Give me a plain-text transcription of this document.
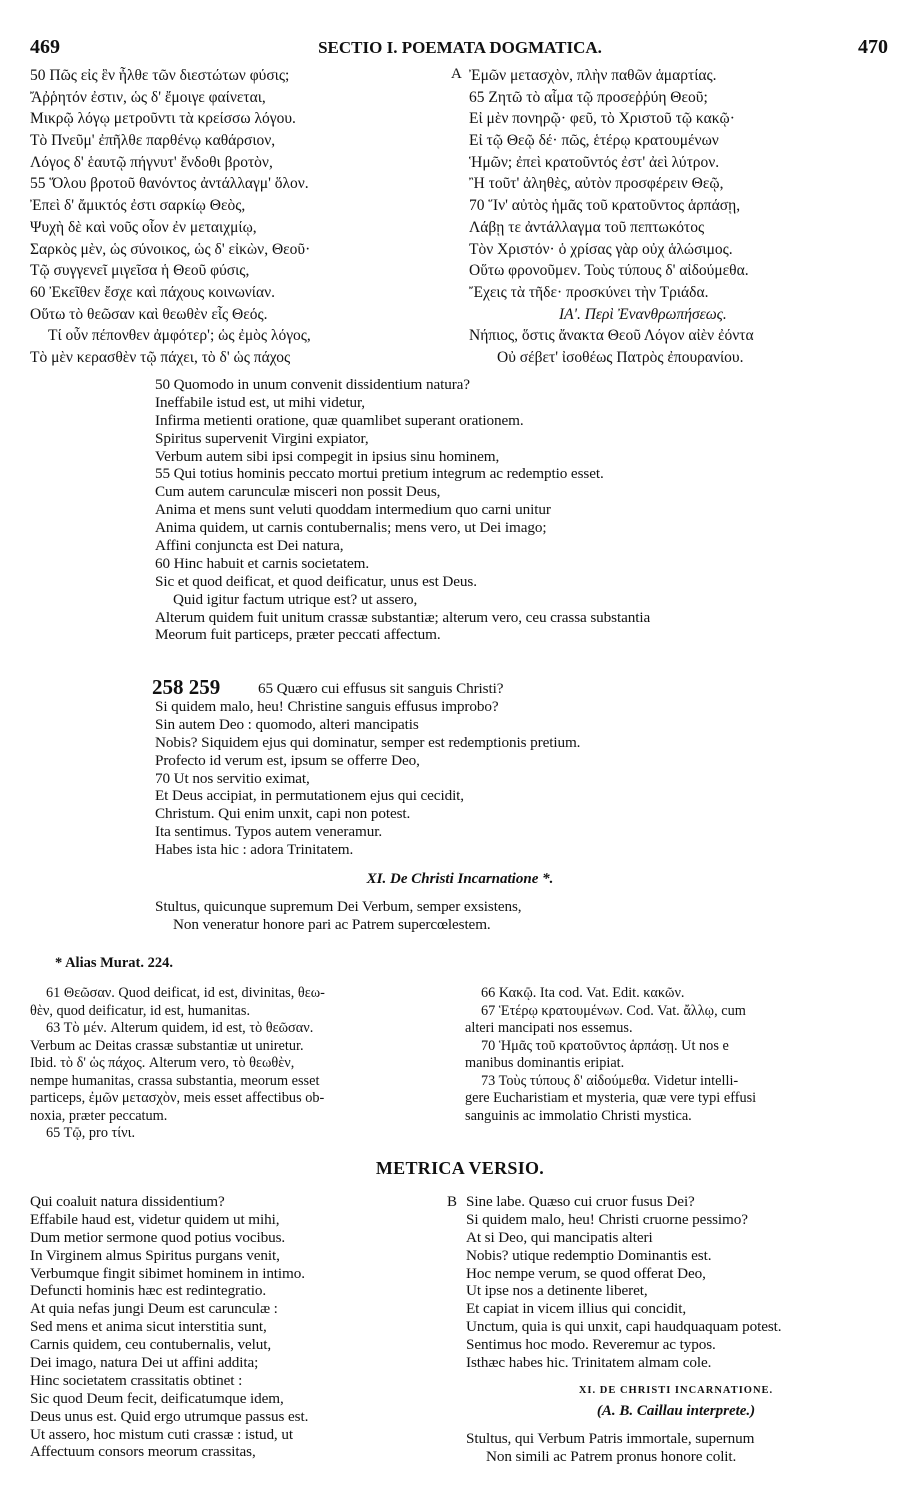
469	SECTIO I. POEMATA DOGMATICA.	470
50 Πῶς εἰς ἓν ἦλθε τῶν διεστώτων φύσις;
Ἄῤῥητόν ἐστιν, ὡς δ' ἔμοιγε φαίνεται,
Μικρῷ λόγῳ μετροῦντι τὰ κρείσσω λόγου.
Τὸ Πνεῦμ' ἐπῆλθε παρθένῳ καθάρσιον,
Λόγος δ' ἑαυτῷ πήγνυτ' ἔνδοθι βροτὸν,
55 Ὅλου βροτοῦ θανόντος ἀντάλλαγμ' ὅλον.
Ἐπεὶ δ' ἄμικτός ἐστι σαρκίῳ Θεὸς,
Ψυχὴ δὲ καὶ νοῦς οἷον ἐν μεταιχμίῳ,
Σαρκὸς μὲν, ὡς σύνοικος, ὡς δ' εἰκὼν, Θεοῦ·
Τῷ συγγενεῖ μιγεῖσα ἡ Θεοῦ φύσις,
60 Ἐκεῖθεν ἔσχε καὶ πάχους κοινωνίαν.
Οὕτω τὸ θεῶσαν καὶ θεωθὲν εἷς Θεός.
Τί οὖν πέπονθεν ἀμφότερ'; ὡς ἐμὸς λόγος,
Τὸ μὲν κερασθὲν τῷ πάχει, τὸ δ' ὡς πάχος
A Ἐμῶν μετασχὸν, πλὴν παθῶν ἁμαρτίας.
65 Ζητῶ τὸ αἷμα τῷ προσεῤῥύη Θεοῦ;
Εἰ μὲν πονηρῷ· φεῦ, τὸ Χριστοῦ τῷ κακῷ·
Εἰ τῷ Θεῷ δέ· πῶς, ἑτέρῳ κρατουμένων
Ἡμῶν; ἐπεὶ κρατοῦντός ἐστ' ἀεὶ λύτρον.
Ἢ τοῦτ' ἀληθὲς, αὐτὸν προσφέρειν Θεῷ,
70 Ἵν' αὐτὸς ἡμᾶς τοῦ κρατοῦντος ἁρπάσῃ,
Λάβῃ τε ἀντάλλαγμα τοῦ πεπτωκότος
Τὸν Χριστόν· ὁ χρίσας γὰρ οὐχ ἁλώσιμος.
Οὕτω φρονοῦμεν. Τοὺς τύπους δ' αἰδούμεθα.
Ἔχεις τὰ τῆδε· προσκύνει τὴν Τριάδα.
ΙΑ'. Περὶ Ἐνανθρωπήσεως.
Νήπιος, ὅστις ἄνακτα Θεοῦ Λόγον αἰὲν ἐόντα
Οὐ σέβετ' ἰσοθέως Πατρὸς ἐπουρανίου.
50 Quomodo in unum convenit dissidentium natura?
Ineffabile istud est, ut mihi videtur,
Infirma metienti oratione, quæ quamlibet superant orationem.
Spiritus supervenit Virgini expiator,
Verbum autem sibi ipsi compegit in ipsius sinu hominem,
55 Qui totius hominis peccato mortui pretium integrum ac redemptio esset.
Cum autem carunculæ misceri non possit Deus,
Anima et mens sunt veluti quoddam intermedium quo carni unitur
Anima quidem, ut carnis contubernalis; mens vero, ut Dei imago;
Affini conjuncta est Dei natura,
60 Hinc habuit et carnis societatem.
Sic et quod deificat, et quod deificatur, unus est Deus.
Quid igitur factum utrique est? ut assero,
Alterum quidem fuit unitum crassæ substantiæ; alterum vero, ceu crassa substantia
Meorum fuit particeps, præter peccati affectum.
258 259 65 Quæro cui effusus sit sanguis Christi?
Si quidem malo, heu! Christine sanguis effusus improbo?
Sin autem Deo : quomodo, alteri mancipatis
Nobis? Siquidem ejus qui dominatur, semper est redemptionis pretium.
Profecto id verum est, ipsum se offerre Deo,
70 Ut nos servitio eximat,
Et Deus accipiat, in permutationem ejus qui cecidit,
Christum. Qui enim unxit, capi non potest.
Ita sentimus. Typos autem veneramur.
Habes ista hic : adora Trinitatem.
XI. De Christi Incarnatione *.
Stultus, quicunque supremum Dei Verbum, semper exsistens,
Non veneratur honore pari ac Patrem supercœlestem.
* Alias Murat. 224.
61 Θεῶσαν. Quod deificat, id est, divinitas, θεω-
θὲν, quod deificatur, id est, humanitas.
63 Τὸ μέν. Alterum quidem, id est, τὸ θεῶσαν.
Verbum ac Deitas crassæ substantiæ ut uniretur.
Ibid. τὸ δ' ὡς πάχος. Alterum vero, τὸ θεωθὲν,
nempe humanitas, crassa substantia, meorum esset
particeps, ἐμῶν μετασχὸν, meis esset affectibus ob-
noxia, præter peccatum.
65 Τῷ, pro τίνι.
66 Κακῷ. Ita cod. Vat. Edit. κακῶν.
67 Ἑτέρῳ κρατουμένων. Cod. Vat. ἄλλῳ, cum
alteri mancipati nos essemus.
70 Ἡμᾶς τοῦ κρατοῦντος ἁρπάσῃ. Ut nos e
manibus dominantis eripiat.
73 Τοὺς τύπους δ' αἰδούμεθα. Videtur intelli-
gere Eucharistiam et mysteria, quæ vere typi effusi
sanguinis ac immolatio Christi mystica.
METRICA VERSIO.
Qui coaluit natura dissidentium?
Effabile haud est, videtur quidem ut mihi,
Dum metior sermone quod potius vocibus.
In Virginem almus Spiritus purgans venit,
Verbumque fingit sibimet hominem in intimo.
Defuncti hominis hæc est redintegratio.
At quia nefas jungi Deum est carunculæ :
Sed mens et anima sicut interstitia sunt,
Carnis quidem, ceu contubernalis, velut,
Dei imago, natura Dei ut affini addita;
Hinc societatem crassitatis obtinet :
Sic quod Deum fecit, deificatumque idem,
Deus unus est. Quid ergo utrumque passus est.
Ut assero, hoc mistum cuti crassæ : istud, ut
Affectuum consors meorum crassitas,
B Sine labe. Quæso cui cruor fusus Dei?
Si quidem malo, heu! Christi cruorne pessimo?
At si Deo, qui mancipatis alteri
Nobis? utique redemptio Dominantis est.
Hoc nempe verum, se quod offerat Deo,
Ut ipse nos a detinente liberet,
Et capiat in vicem illius qui concidit,
Unctum, quia is qui unxit, capi haudquaquam potest.
Sentimus hoc modo. Reveremur ac typos.
Isthæc habes hic. Trinitatem almam cole.
XI. DE CHRISTI INCARNATIONE.
(A. B. Caillau interprete.)
Stultus, qui Verbum Patris immortale, supernum
Non simili ac Patrem pronus honore colit.
